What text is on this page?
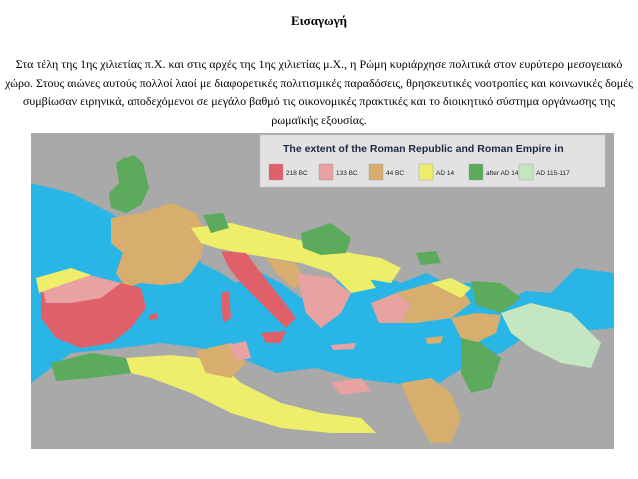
Εισαγωγή
Στα τέλη της 1ης χιλιετίας π.Χ. και στις αρχές της 1ης χιλιετίας μ.Χ., η Ρώμη κυριάρχησε πολιτικά στον ευρύτερο μεσογειακό χώρο. Στους αιώνες αυτούς πολλοί λαοί με διαφορετικές πολιτισμικές παραδόσεις, θρησκευτικές νοοτροπίες και κοινωνικές δομές συμβίωσαν ειρηνικά, αποδεχόμενοι σε μεγάλο βαθμό τις οικονομικές πρακτικές και το διοικητικό σύστημα οργάνωσης της ρωμαϊκής εξουσίας.
The extent of the Roman Republic and Roman Empire in
218 BC	133 BC	44 BC	AD 14	after AD 14	AD 115-117
